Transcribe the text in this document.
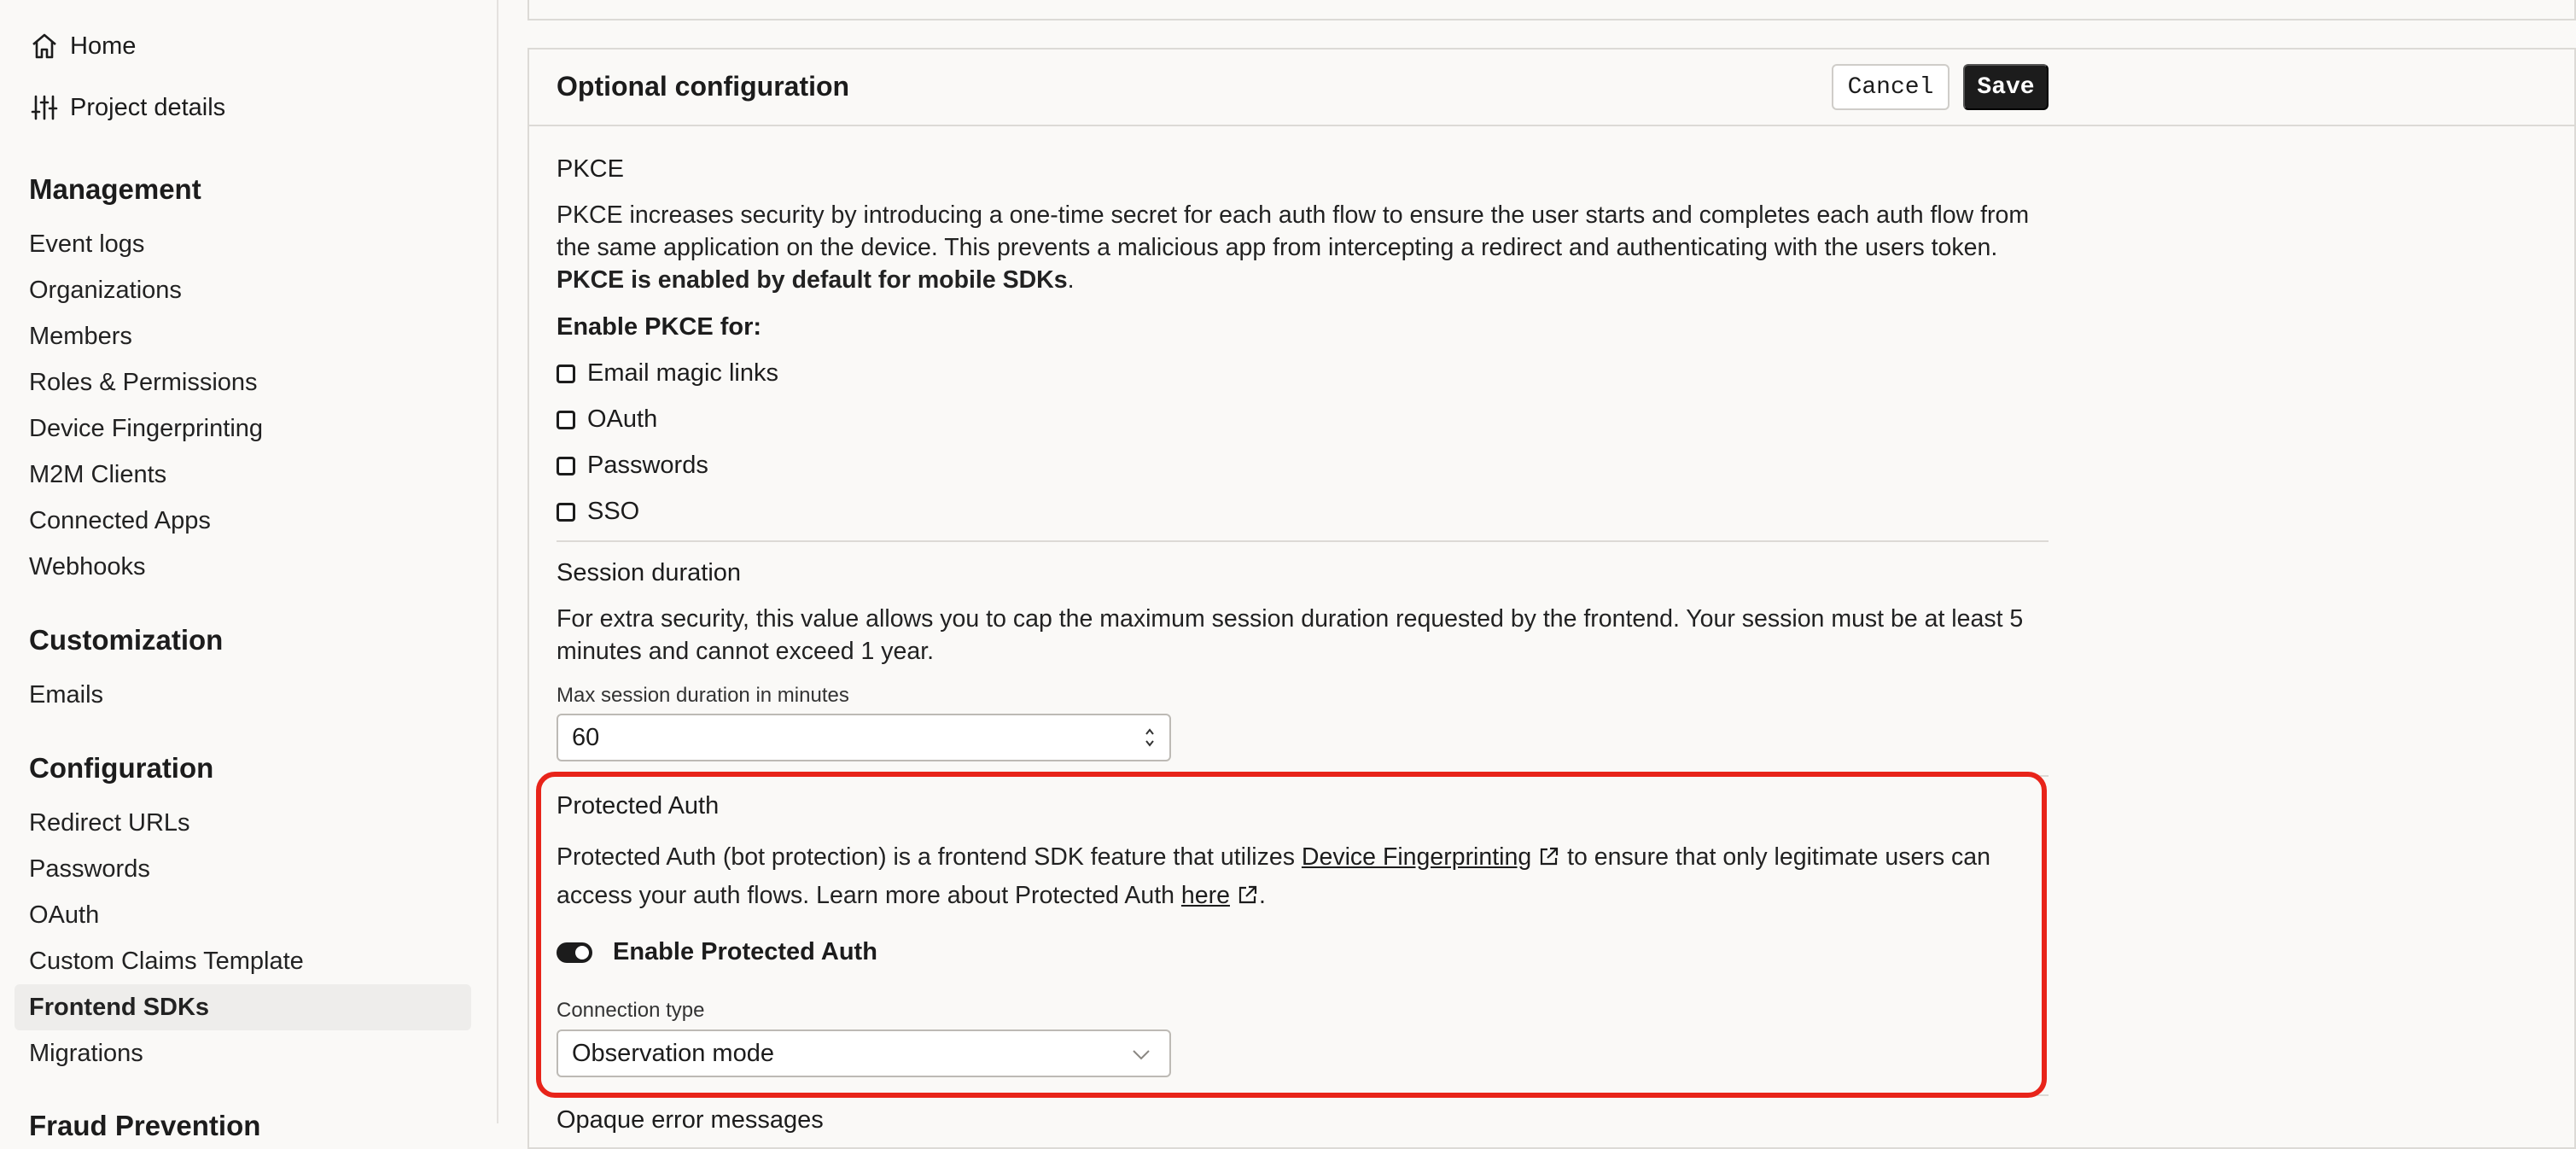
Home
Project details
Management
Event logs
Organizations
Members
Roles & Permissions
Device Fingerprinting
M2M Clients
Connected Apps
Webhooks
Customization
Emails
Configuration
Redirect URLs
Passwords
OAuth
Custom Claims Template
Frontend SDKs
Migrations
Fraud Prevention
Optional configuration	Cancel	Save
PKCE
PKCE increases security by introducing a one-time secret for each auth flow to ensure the user starts and completes each auth flow from the same application on the device. This prevents a malicious app from intercepting a redirect and authenticating with the users token. PKCE is enabled by default for mobile SDKs.
Enable PKCE for:
Email magic links
OAuth
Passwords
SSO
Session duration
For extra security, this value allows you to cap the maximum session duration requested by the frontend. Your session must be at least 5 minutes and cannot exceed 1 year.
Max session duration in minutes
60
Protected Auth
Protected Auth (bot protection) is a frontend SDK feature that utilizes Device Fingerprinting to ensure that only legitimate users can access your auth flows. Learn more about Protected Auth here .
Enable Protected Auth
Connection type
Observation mode
Opaque error messages
